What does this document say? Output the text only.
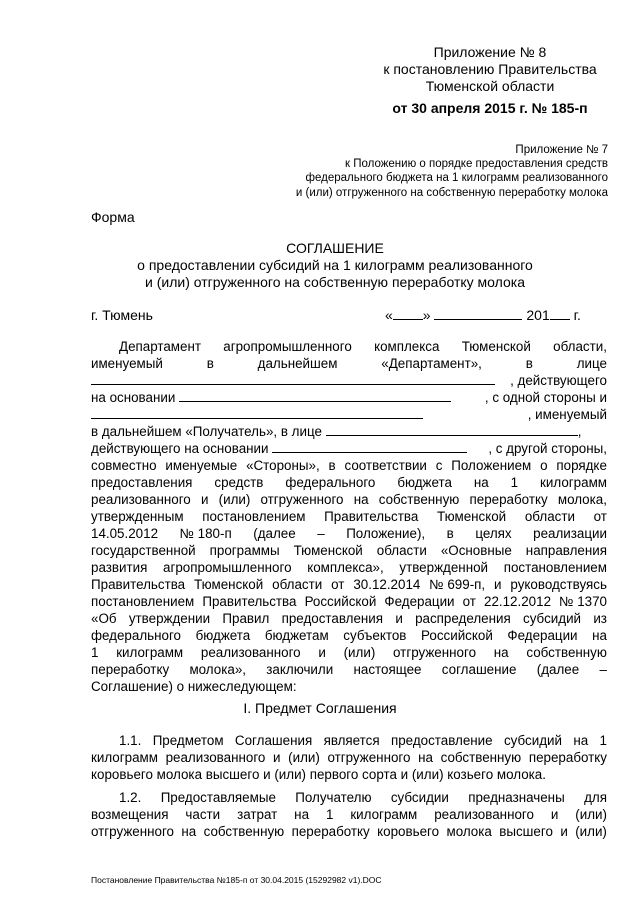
Приложение № 8
к постановлению Правительства
Тюменской области
от 30 апреля 2015 г. № 185-п
Приложение № 7
к Положению о порядке предоставления средств
федерального бюджета на 1 килограмм реализованного
и (или) отгруженного на собственную переработку молока
Форма
СОГЛАШЕНИЕ
о предоставлении субсидий на 1 килограмм реализованного
и (или) отгруженного на собственную переработку молока
г. Тюмень	« »	201 г.
Департамент агропромышленного комплекса Тюменской области,
именуемый	в	дальнейшем	«Департамент»,	в	лице
, действующего
на основании	, с одной стороны и
, именуемый
в дальнейшем «Получатель», в лице	,
действующего на основании	, с другой стороны,
совместно именуемые «Стороны», в соответствии с Положением о порядке
предоставления средств федерального бюджета на 1 килограмм
реализованного и (или) отгруженного на собственную переработку молока,
утвержденным постановлением Правительства Тюменской области от
14.05.2012 № 180-п (далее – Положение), в целях реализации
государственной программы Тюменской области «Основные направления
развития агропромышленного комплекса», утвержденной постановлением
Правительства Тюменской области от 30.12.2014 № 699-п, и руководствуясь
постановлением Правительства Российской Федерации от 22.12.2012 № 1370
«Об утверждении Правил предоставления и распределения субсидий из
федерального бюджета бюджетам субъектов Российской Федерации на
1 килограмм реализованного и (или) отгруженного на собственную
переработку молока», заключили настоящее соглашение (далее –
Соглашение) о нижеследующем:
I. Предмет Соглашения
1.1. Предметом Соглашения является предоставление субсидий на 1
килограмм реализованного и (или) отгруженного на собственную переработку
коровьего молока высшего и (или) первого сорта и (или) козьего молока.
1.2. Предоставляемые Получателю субсидии предназначены для
возмещения части затрат на 1 килограмм реализованного и (или)
отгруженного на собственную переработку коровьего молока высшего и (или)
Постановление Правительства №185-п от 30.04.2015 (15292982 v1).DOC
